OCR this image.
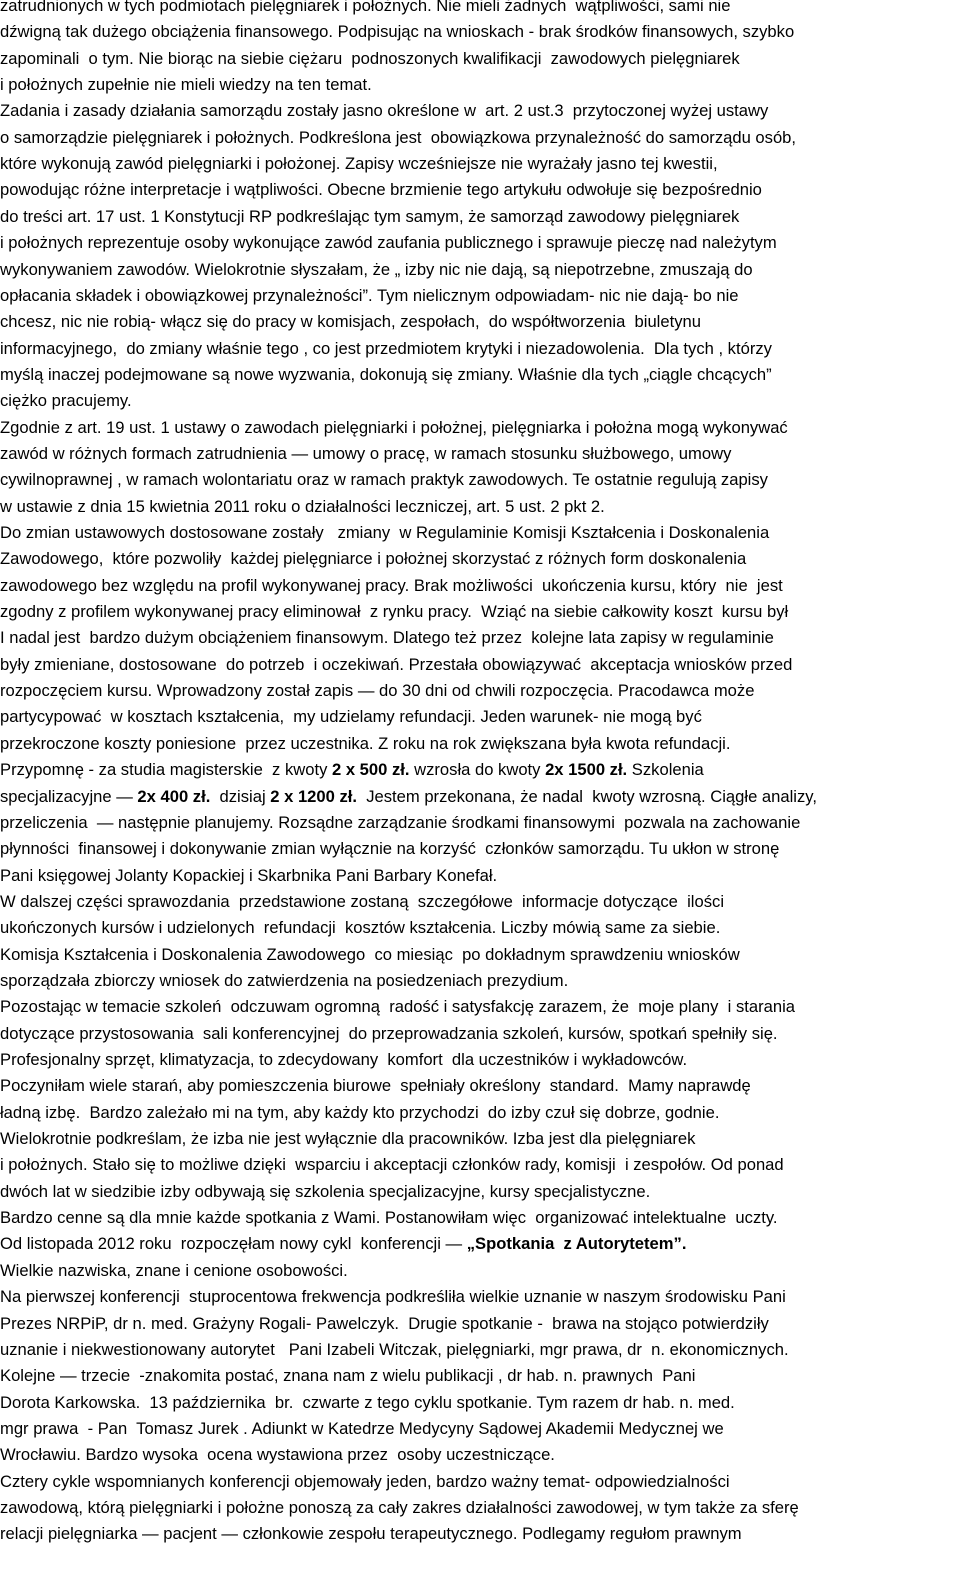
zatrudnionych w tych podmiotach pielęgniarek i położnych. Nie mieli żadnych  wątpliwości, sami nie
dźwigną tak dużego obciążenia finansowego. Podpisując na wnioskach - brak środków finansowych, szybko
zapominali  o tym. Nie biorąc na siebie ciężaru  podnoszonych kwalifikacji  zawodowych pielęgniarek
i położnych zupełnie nie mieli wiedzy na ten temat.
Zadania i zasady działania samorządu zostały jasno określone w  art. 2 ust.3  przytoczonej wyżej ustawy
o samorządzie pielęgniarek i położnych. Podkreślona jest  obowiązkowa przynależność do samorządu osób,
które wykonują zawód pielęgniarki i położonej. Zapisy wcześniejsze nie wyrażały jasno tej kwestii,
powodując różne interpretacje i wątpliwości. Obecne brzmienie tego artykułu odwołuje się bezpośrednio
do treści art. 17 ust. 1 Konstytucji RP podkreślając tym samym, że samorząd zawodowy pielęgniarek
i położnych reprezentuje osoby wykonujące zawód zaufania publicznego i sprawuje pieczę nad należytym
wykonywaniem zawodów. Wielokrotnie słyszałam, że „ izby nic nie dają, są niepotrzebne, zmuszają do
opłacania składek i obowiązkowej przynależności”. Tym nielicznym odpowiadam- nic nie dają- bo nie
chcesz, nic nie robią- włącz się do pracy w komisjach, zespołach,  do współtworzenia  biuletynu
informacyjnego,  do zmiany właśnie tego , co jest przedmiotem krytyki i niezadowolenia.  Dla tych , którzy
myślą inaczej podejmowane są nowe wyzwania, dokonują się zmiany. Właśnie dla tych „ciągle chcących”
ciężko pracujemy.
Zgodnie z art. 19 ust. 1 ustawy o zawodach pielęgniarki i położnej, pielęgniarka i położna mogą wykonywać
zawód w różnych formach zatrudnienia — umowy o pracę, w ramach stosunku służbowego, umowy
cywilnoprawnej , w ramach wolontariatu oraz w ramach praktyk zawodowych. Te ostatnie regulują zapisy
w ustawie z dnia 15 kwietnia 2011 roku o działalności leczniczej, art. 5 ust. 2 pkt 2.
Do zmian ustawowych dostosowane zostały   zmiany  w Regulaminie Komisji Kształcenia i Doskonalenia
Zawodowego,  które pozwoliły  każdej pielęgniarce i położnej skorzystać z różnych form doskonalenia
zawodowego bez względu na profil wykonywanej pracy. Brak możliwości  ukończenia kursu, który  nie  jest
zgodny z profilem wykonywanej pracy eliminował  z rynku pracy.  Wziąć na siebie całkowity koszt  kursu był
I nadal jest  bardzo dużym obciążeniem finansowym. Dlatego też przez  kolejne lata zapisy w regulaminie
były zmieniane, dostosowane  do potrzeb  i oczekiwań. Przestała obowiązywać  akceptacja wniosków przed
rozpoczęciem kursu. Wprowadzony został zapis — do 30 dni od chwili rozpoczęcia. Pracodawca może
partycypować  w kosztach kształcenia,  my udzielamy refundacji. Jeden warunek- nie mogą być
przekroczone koszty poniesione  przez uczestnika. Z roku na rok zwiększana była kwota refundacji.
Przypomnę - za studia magisterskie  z kwoty 2 x 500 zł. wzrosła do kwoty 2x 1500 zł. Szkolenia
specjalizacyjne — 2x 400 zł.  dzisiaj 2 x 1200 zł.  Jestem przekonana, że nadal  kwoty wzrosną. Ciągłe analizy,
przeliczenia  — następnie planujemy. Rozsądne zarządzanie środkami finansowymi  pozwala na zachowanie
płynności  finansowej i dokonywanie zmian wyłącznie na korzyść  członków samorządu. Tu ukłon w stronę
Pani księgowej Jolanty Kopackiej i Skarbnika Pani Barbary Konefał.
W dalszej części sprawozdania  przedstawione zostaną  szczegółowe  informacje dotyczące  ilości
ukończonych kursów i udzielonych  refundacji  kosztów kształcenia. Liczby mówią same za siebie.
Komisja Kształcenia i Doskonalenia Zawodowego  co miesiąc  po dokładnym sprawdzeniu wniosków
sporządzała zbiorczy wniosek do zatwierdzenia na posiedzeniach prezydium.
Pozostając w temacie szkoleń  odczuwam ogromną  radość i satysfakcję zarazem, że  moje plany  i starania
dotyczące przystosowania  sali konferencyjnej  do przeprowadzania szkoleń, kursów, spotkań spełniły się.
Profesjonalny sprzęt, klimatyzacja, to zdecydowany  komfort  dla uczestników i wykładowców.
Poczyniłam wiele starań, aby pomieszczenia biurowe  spełniały określony  standard.  Mamy naprawdę
ładną izbę.  Bardzo zależało mi na tym, aby każdy kto przychodzi  do izby czuł się dobrze, godnie.
Wielokrotnie podkreślam, że izba nie jest wyłącznie dla pracowników. Izba jest dla pielęgniarek
i położnych. Stało się to możliwe dzięki  wsparciu i akceptacji członków rady, komisji  i zespołów. Od ponad
dwóch lat w siedzibie izby odbywają się szkolenia specjalizacyjne, kursy specjalistyczne.
Bardzo cenne są dla mnie każde spotkania z Wami. Postanowiłam więc  organizować intelektualne  uczty.
Od listopada 2012 roku  rozpoczęłam nowy cykl  konferencji — „Spotkania  z Autorytetem”.
Wielkie nazwiska, znane i cenione osobowości.
Na pierwszej konferencji  stuprocentowa frekwencja podkreśliła wielkie uznanie w naszym środowisku Pani
Prezes NRPiP, dr n. med. Grażyny Rogali- Pawelczyk.  Drugie spotkanie -  brawa na stojąco potwierdziły
uznanie i niekwestionowany autorytet   Pani Izabeli Witczak, pielęgniarki, mgr prawa, dr  n. ekonomicznych.
Kolejne — trzecie  -znakomita postać, znana nam z wielu publikacji , dr hab. n. prawnych  Pani
Dorota Karkowska.  13 października  br.  czwarte z tego cyklu spotkanie. Tym razem dr hab. n. med.
mgr prawa  - Pan  Tomasz Jurek . Adiunkt w Katedrze Medycyny Sądowej Akademii Medycznej we
Wrocławiu. Bardzo wysoka  ocena wystawiona przez  osoby uczestniczące.
Cztery cykle wspomnianych konferencji objemowały jeden, bardzo ważny temat- odpowiedzialności
zawodową, którą pielęgniarki i położne ponoszą za cały zakres działalności zawodowej, w tym także za sferę
relacji pielęgniarka — pacjent — członkowie zespołu terapeutycznego. Podlegamy regułom prawnym
